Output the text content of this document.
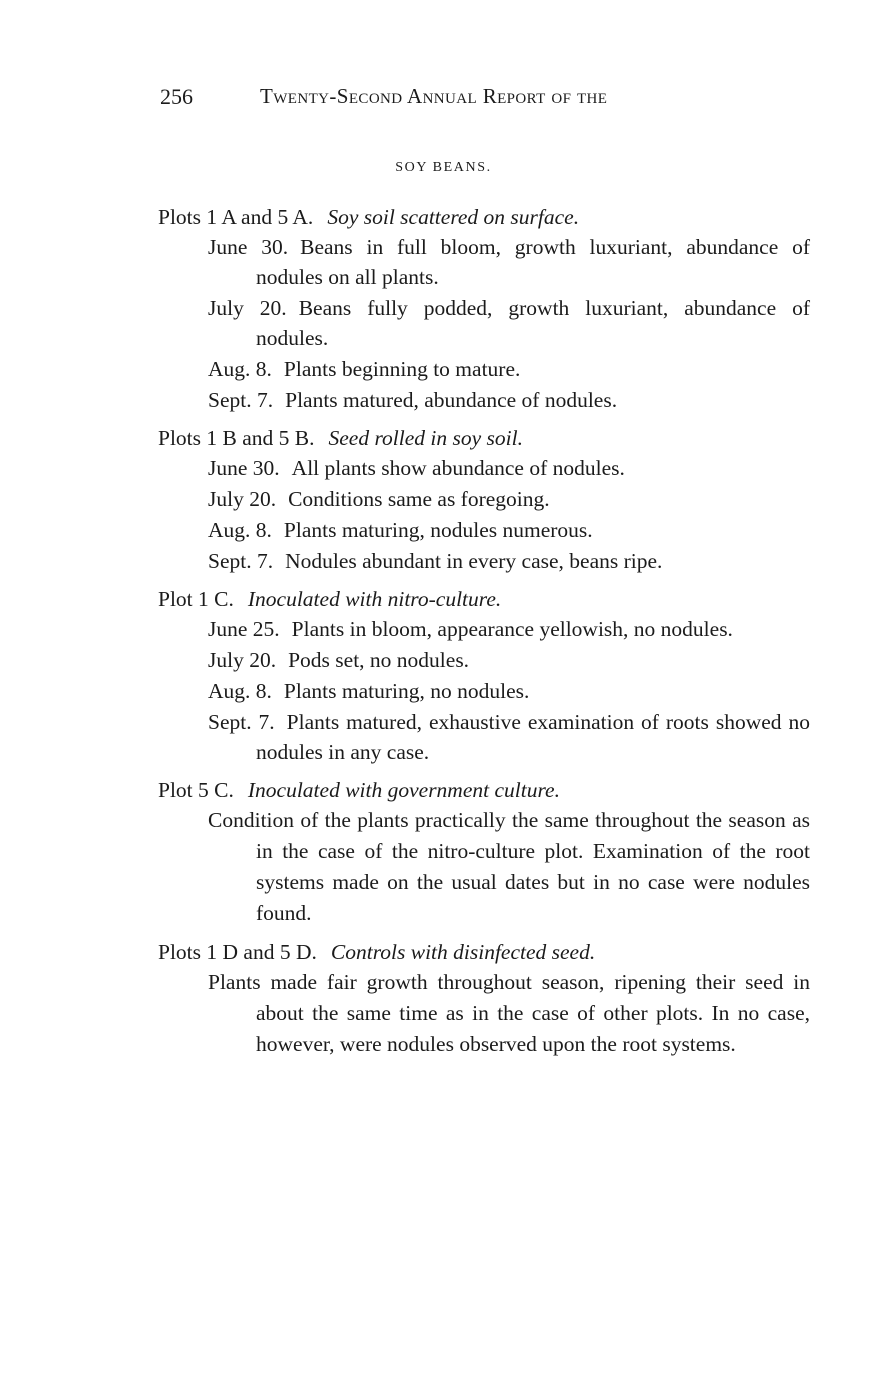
256	Twenty-Second Annual Report of the
SOY BEANS.
Plots 1 A and 5 A. Soy soil scattered on surface.
June 30. Beans in full bloom, growth luxuriant, abundance of nodules on all plants.
July 20. Beans fully podded, growth luxuriant, abundance of nodules.
Aug. 8. Plants beginning to mature.
Sept. 7. Plants matured, abundance of nodules.
Plots 1 B and 5 B. Seed rolled in soy soil.
June 30. All plants show abundance of nodules.
July 20. Conditions same as foregoing.
Aug. 8. Plants maturing, nodules numerous.
Sept. 7. Nodules abundant in every case, beans ripe.
Plot 1 C. Inoculated with nitro-culture.
June 25. Plants in bloom, appearance yellowish, no nodules.
July 20. Pods set, no nodules.
Aug. 8. Plants maturing, no nodules.
Sept. 7. Plants matured, exhaustive examination of roots showed no nodules in any case.
Plot 5 C. Inoculated with government culture.
Condition of the plants practically the same throughout the season as in the case of the nitro-culture plot. Examination of the root systems made on the usual dates but in no case were nodules found.
Plots 1 D and 5 D. Controls with disinfected seed.
Plants made fair growth throughout season, ripening their seed in about the same time as in the case of other plots. In no case, however, were nodules observed upon the root systems.
